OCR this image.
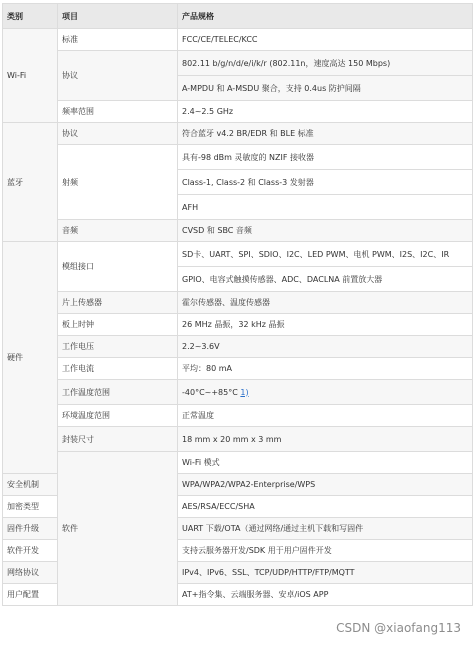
类别	项目	产品规格	
Wi-Fi	标准	FCC/CE/TELEC/KCC	
	协议	802.11 b/g/n/d/e/i/k/r (802.11n，速度高达 150 Mbps)	
		A-MPDU 和 A-MSDU 聚合，支持 0.4us 防护间隔	
	频率范围	2.4~2.5 GHz	
蓝牙	协议	符合蓝牙 v4.2 BR/EDR 和 BLE 标准	
	射频	具有-98 dBm 灵敏度的 NZIF 接收器	
		Class-1, Class-2 和 Class-3 发射器	
		AFH	
	音频	CVSD 和 SBC 音频	
硬件	模组接口	SD卡、UART、SPI、SDIO、I2C、LED PWM、电机 PWM、I2S、I2C、IR	
		GPIO、电容式触摸传感器、ADC、DACLNA 前置放大器	
	片上传感器	霍尔传感器、温度传感器	
	板上时钟	26 MHz 晶振，32 kHz 晶振	
	工作电压	2.2~3.6V	
	工作电流	平均：80 mA	
	工作温度范围	-40°C~+85°C 1)	
	环境温度范围	正常温度	
	封装尺寸	18 mm x 20 mm x 3 mm	
	软件	Wi-Fi 模式	
安全机制		WPA/WPA2/WPA2-Enterprise/WPS	
加密类型		AES/RSA/ECC/SHA	
固件升级		UART 下载/OTA（通过网络/通过主机下载和写固件	
软件开发		支持云服务器开发/SDK 用于用户固件开发	
网络协议		IPv4、IPv6、SSL、TCP/UDP/HTTP/FTP/MQTT	
用户配置		AT+指令集、云端服务器、安卓/iOS APP	
CSDN @xiaofang113
